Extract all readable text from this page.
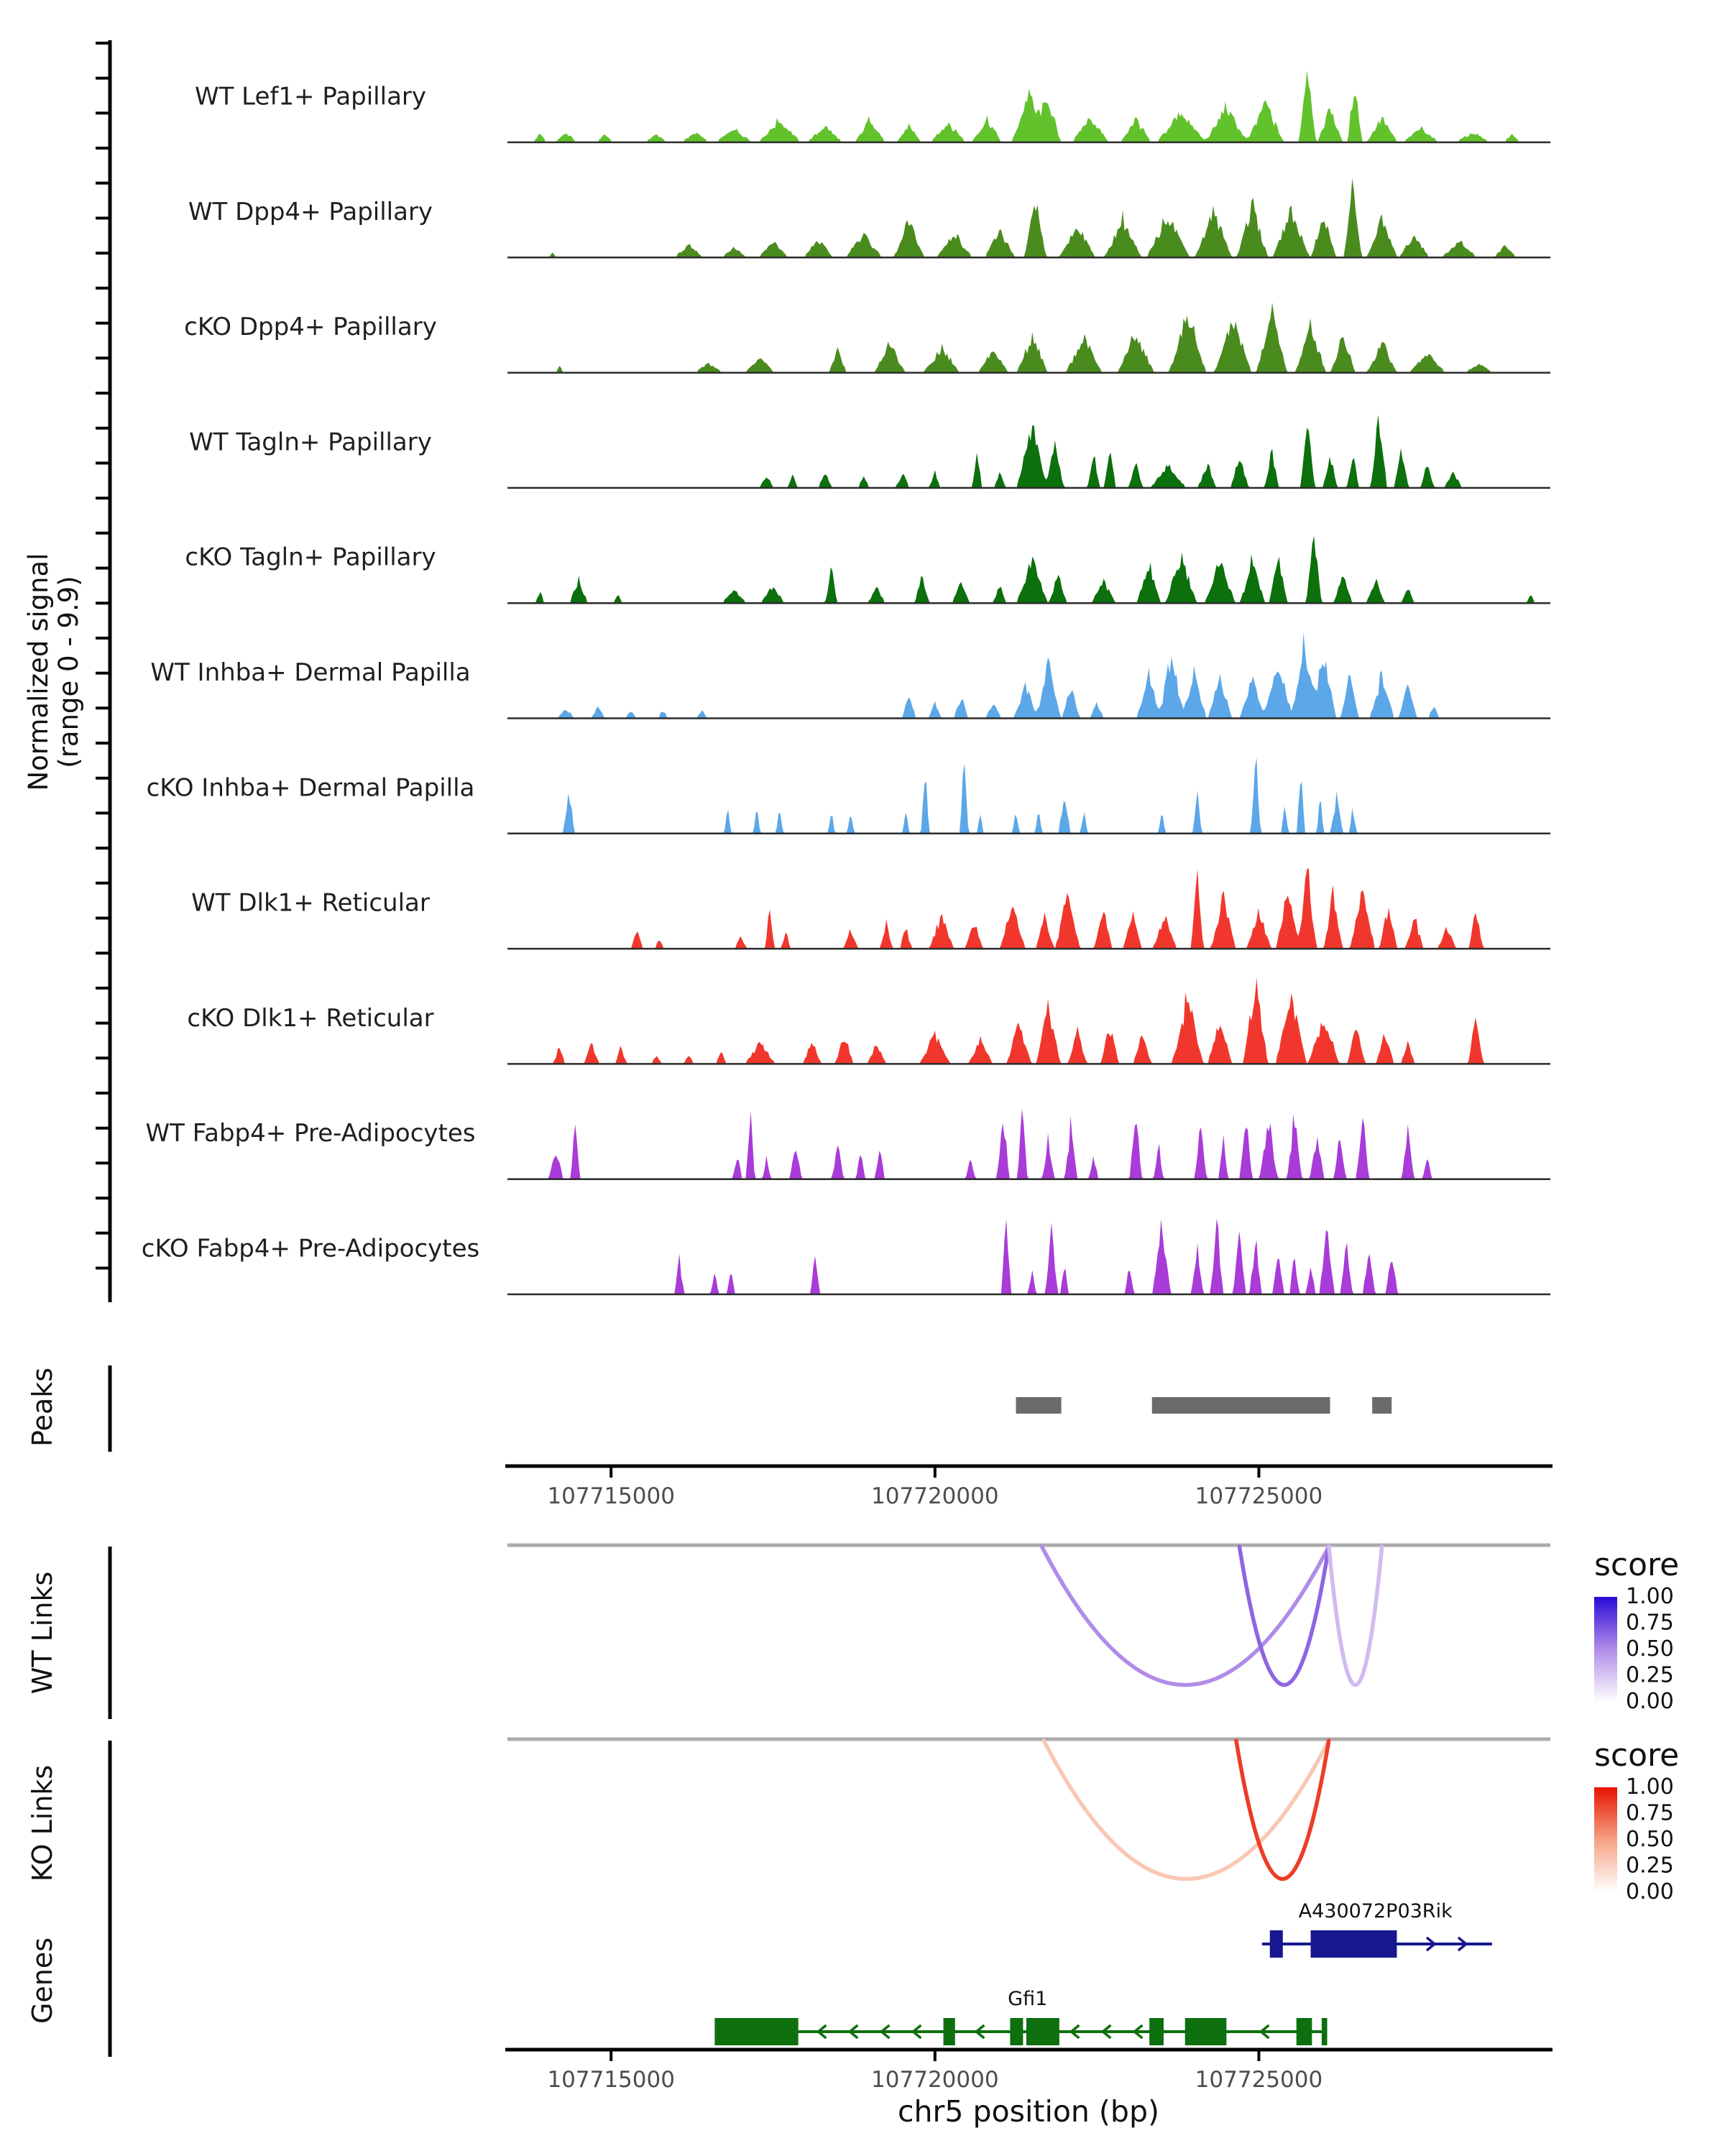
WT Lef1+ Papillary
WT Dpp4+ Papillary
cKO Dpp4+ Papillary
WT Tagln+ Papillary
cKO Tagln+ Papillary
WT Inhba+ Dermal Papilla
cKO Inhba+ Dermal Papilla
WT Dlk1+ Reticular
cKO Dlk1+ Reticular
WT Fabp4+ Pre-Adipocytes
cKO Fabp4+ Pre-Adipocytes
107715000	107720000	107725000
107715000	107720000	107725000
1.00
0.75
0.50
0.25
0.00
1.00
0.75
0.50
0.25
0.00
A430072P03Rik
Gfi1
Normalized signal (range 0 - 9.9)
Peaks
WT Links
KO Links
Genes
score
score
chr5 position (bp)
